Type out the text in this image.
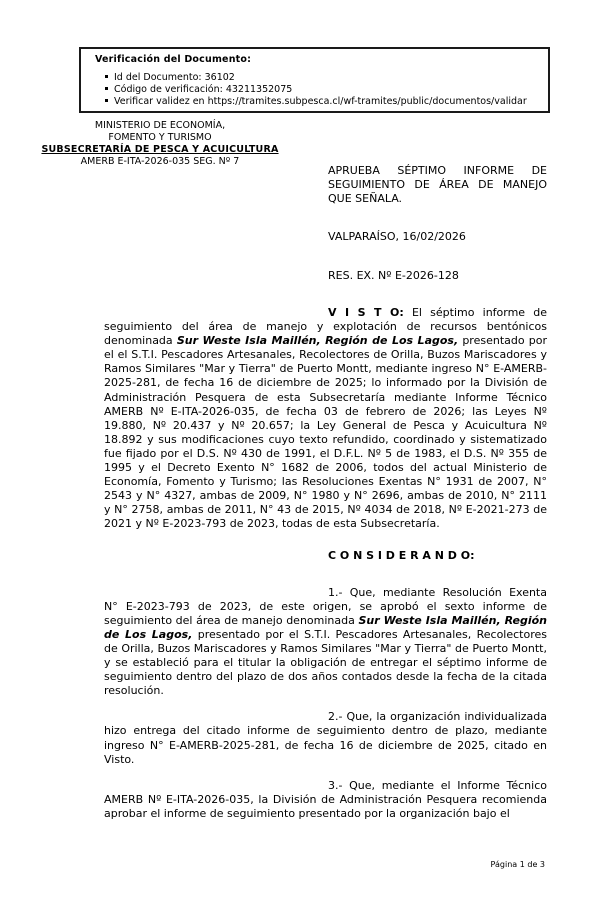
Verificación del Documento:
Id del Documento: 36102
Código de verificación: 43211352075
Verificar validez en https://tramites.subpesca.cl/wf-tramites/public/documentos/validar
MINISTERIO DE ECONOMÍA,
FOMENTO Y TURISMO
SUBSECRETARÍA DE PESCA Y ACUICULTURA
AMERB E-ITA-2026-035 SEG. Nº 7
APRUEBA SÉPTIMO INFORME DE SEGUIMIENTO DE ÁREA DE MANEJO QUE SEÑALA.
VALPARAÍSO, 16/02/2026
RES. EX. Nº E-2026-128

V I S T O: El séptimo informe de seguimiento del área de manejo y explotación de recursos bentónicos denominada Sur Weste Isla Maillén, Región de Los Lagos, presentado por el el S.T.I. Pescadores Artesanales, Recolectores de Orilla, Buzos Mariscadores y Ramos Similares "Mar y Tierra" de Puerto Montt, mediante ingreso N° E-AMERB-2025-281, de fecha 16 de diciembre de 2025; lo informado por la División de Administración Pesquera de esta Subsecretaría mediante Informe Técnico AMERB Nº E-ITA-2026-035, de fecha 03 de febrero de 2026; las Leyes Nº 19.880, Nº 20.437 y Nº 20.657; la Ley General de Pesca y Acuicultura Nº 18.892 y sus modificaciones cuyo texto refundido, coordinado y sistematizado fue fijado por el D.S. Nº 430 de 1991, el D.F.L. Nº 5 de 1983, el D.S. Nº 355 de 1995 y el Decreto Exento N° 1682 de 2006, todos del actual Ministerio de Economía, Fomento y Turismo; las Resoluciones Exentas N° 1931 de 2007, N° 2543 y N° 4327, ambas de 2009, N° 1980 y N° 2696, ambas de 2010, N° 2111 y N° 2758, ambas de 2011, N° 43 de 2015, Nº 4034 de 2018, Nº E-2021-273 de 2021 y Nº E-2023-793 de 2023, todas de esta Subsecretaría.

C O N S I D E R A N D O:

1.- Que, mediante Resolución Exenta N° E-2023-793 de 2023, de este origen, se aprobó el sexto informe de seguimiento del área de manejo denominada Sur Weste Isla Maillén, Región de Los Lagos, presentado por el S.T.I. Pescadores Artesanales, Recolectores de Orilla, Buzos Mariscadores y Ramos Similares "Mar y Tierra" de Puerto Montt, y se estableció para el titular la obligación de entregar el séptimo informe de seguimiento dentro del plazo de dos años contados desde la fecha de la citada resolución.

2.- Que, la organización individualizada hizo entrega del citado informe de seguimiento dentro de plazo, mediante ingreso N° E-AMERB-2025-281, de fecha 16 de diciembre de 2025, citado en Visto.

3.- Que, mediante el Informe Técnico AMERB Nº E-ITA-2026-035, la División de Administración Pesquera recomienda aprobar el informe de seguimiento presentado por la organización bajo el

Página 1 de 3
